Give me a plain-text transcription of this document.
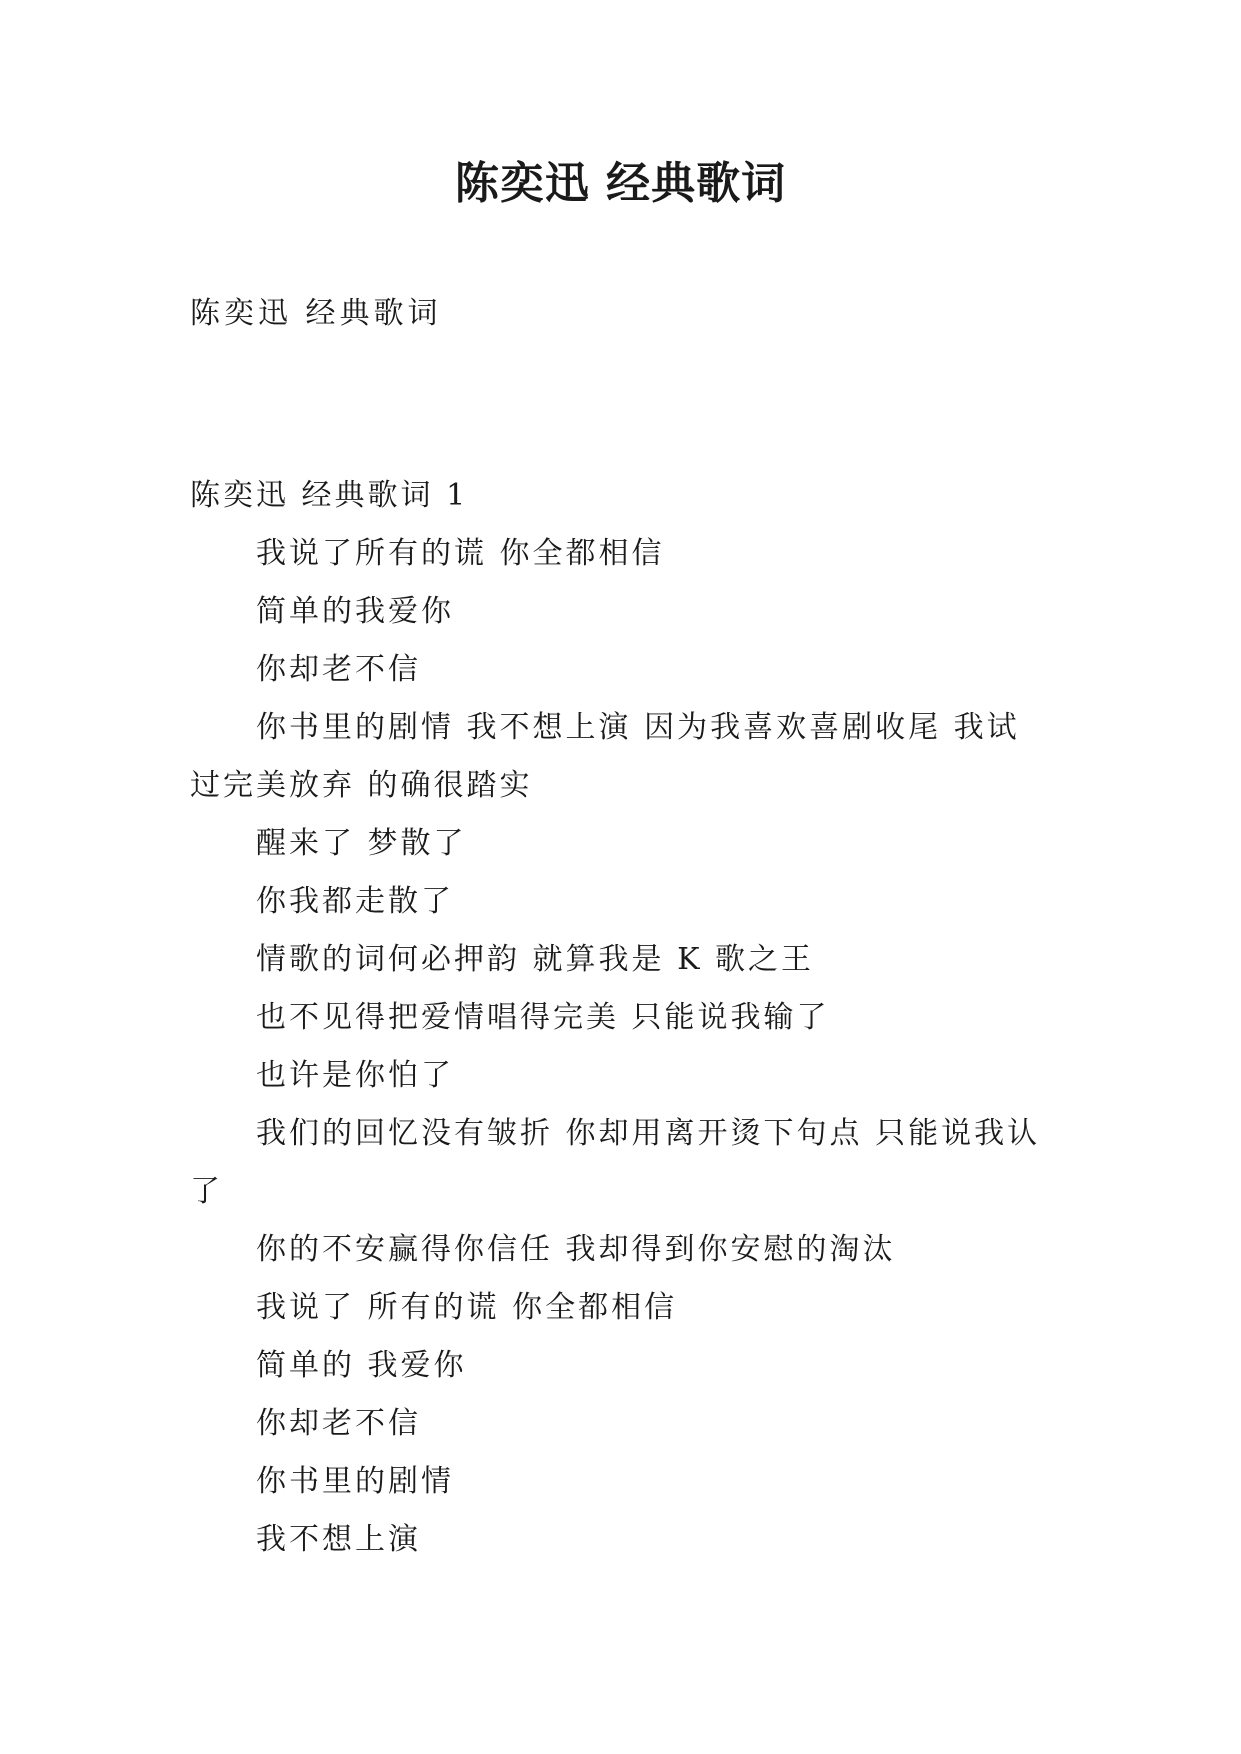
陈奕迅 经典歌词

陈奕迅 经典歌词

陈奕迅 经典歌词 1

我说了所有的谎 你全都相信

简单的我爱你

你却老不信

你书里的剧情 我不想上演 因为我喜欢喜剧收尾 我试过完美放弃 的确很踏实

醒来了 梦散了

你我都走散了

情歌的词何必押韵 就算我是 K 歌之王

也不见得把爱情唱得完美 只能说我输了

也许是你怕了

我们的回忆没有皱折 你却用离开烫下句点 只能说我认了

你的不安赢得你信任 我却得到你安慰的淘汰

我说了 所有的谎 你全都相信

简单的 我爱你

你却老不信

你书里的剧情

我不想上演
